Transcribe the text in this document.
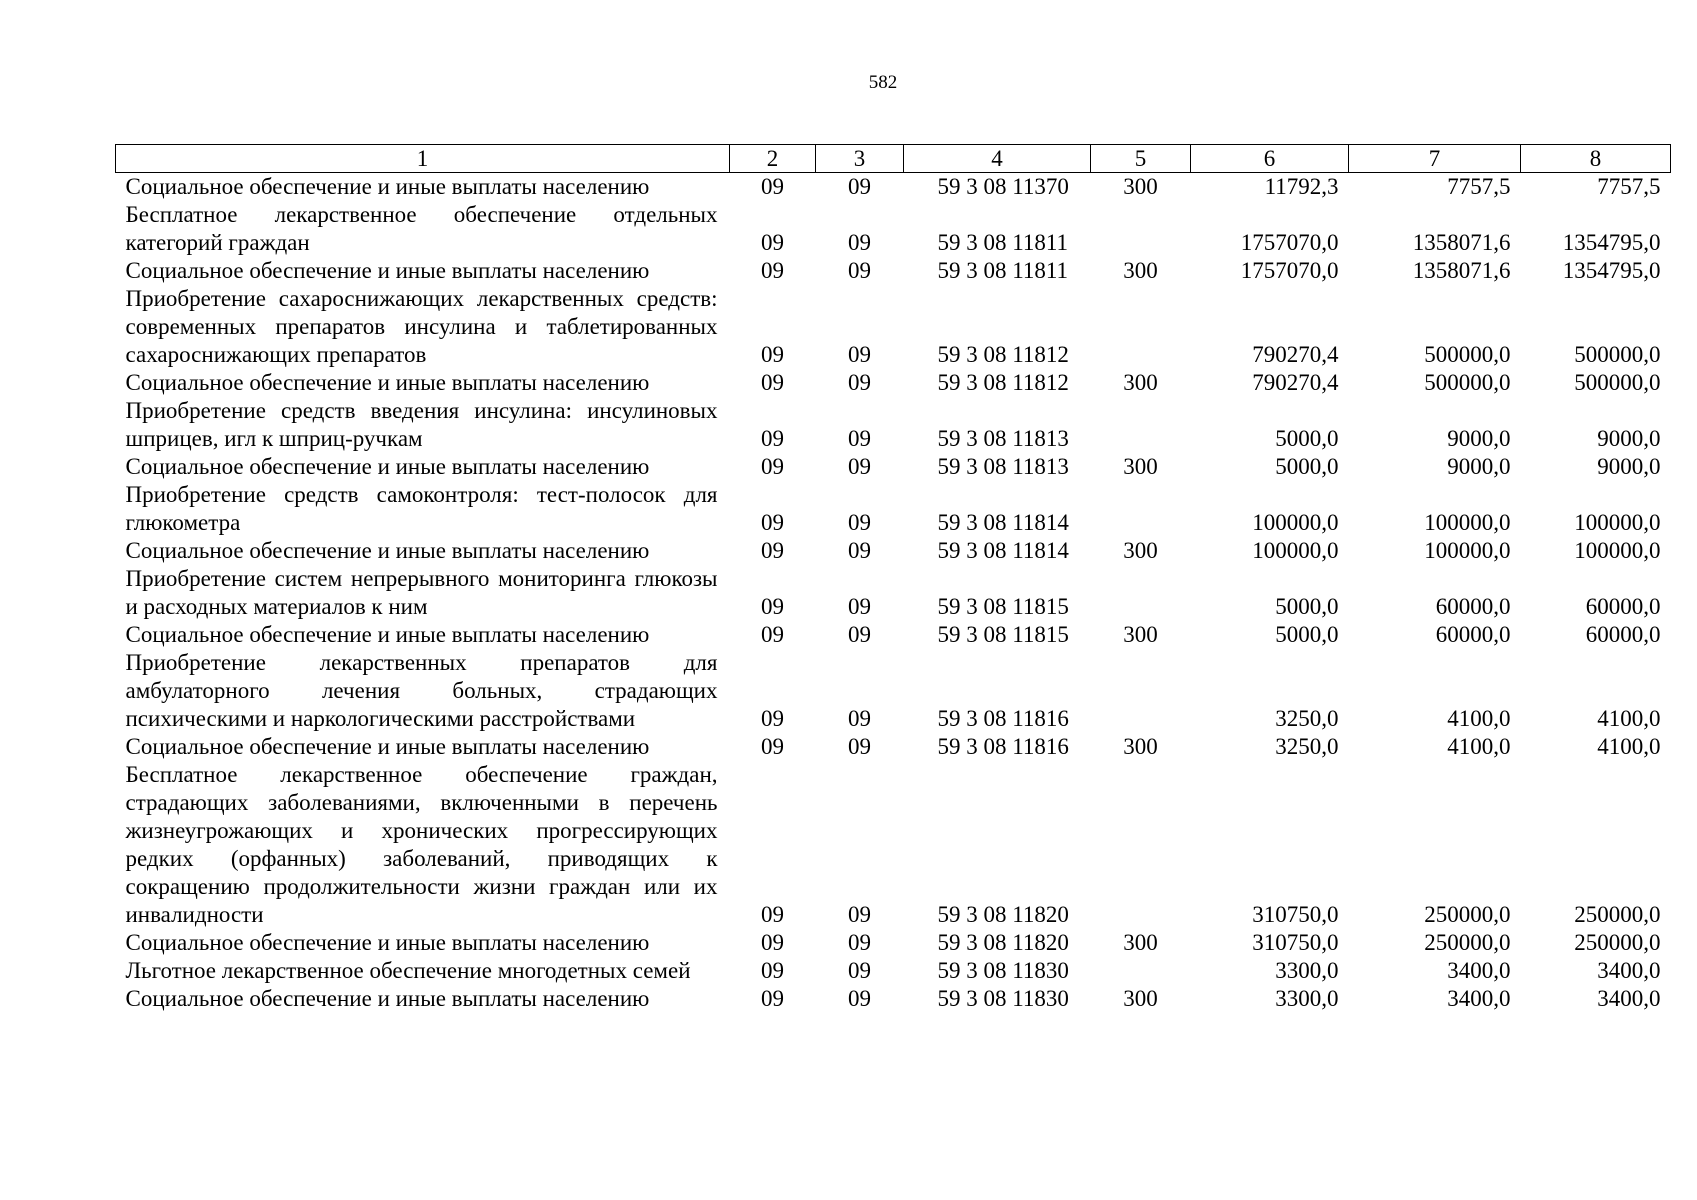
582
1	2	3	4	5	6	7	8
Социальное обеспечение и иные выплаты населению	09	09	59 3 08 11370	300	11792,3	7757,5	7757,5
Бесплатное лекарственное обеспечение отдельных категорий граждан	09	09	59 3 08 11811		1757070,0	1358071,6	1354795,0
Социальное обеспечение и иные выплаты населению	09	09	59 3 08 11811	300	1757070,0	1358071,6	1354795,0
Приобретение сахароснижающих лекарственных средств: современных препаратов инсулина и таблетированных сахароснижающих препаратов	09	09	59 3 08 11812		790270,4	500000,0	500000,0
Социальное обеспечение и иные выплаты населению	09	09	59 3 08 11812	300	790270,4	500000,0	500000,0
Приобретение средств введения инсулина: инсулиновых шприцев, игл к шприц-ручкам	09	09	59 3 08 11813		5000,0	9000,0	9000,0
Социальное обеспечение и иные выплаты населению	09	09	59 3 08 11813	300	5000,0	9000,0	9000,0
Приобретение средств самоконтроля: тест-полосок для глюкометра	09	09	59 3 08 11814		100000,0	100000,0	100000,0
Социальное обеспечение и иные выплаты населению	09	09	59 3 08 11814	300	100000,0	100000,0	100000,0
Приобретение систем непрерывного мониторинга глюкозы и расходных материалов к ним	09	09	59 3 08 11815		5000,0	60000,0	60000,0
Социальное обеспечение и иные выплаты населению	09	09	59 3 08 11815	300	5000,0	60000,0	60000,0
Приобретение лекарственных препаратов для амбулаторного лечения больных, страдающих психическими и наркологическими расстройствами	09	09	59 3 08 11816		3250,0	4100,0	4100,0
Социальное обеспечение и иные выплаты населению	09	09	59 3 08 11816	300	3250,0	4100,0	4100,0
Бесплатное лекарственное обеспечение граждан, страдающих заболеваниями, включенными в перечень жизнеугрожающих и хронических прогрессирующих редких (орфанных) заболеваний, приводящих к сокращению продолжительности жизни граждан или их инвалидности	09	09	59 3 08 11820		310750,0	250000,0	250000,0
Социальное обеспечение и иные выплаты населению	09	09	59 3 08 11820	300	310750,0	250000,0	250000,0
Льготное лекарственное обеспечение многодетных семей	09	09	59 3 08 11830		3300,0	3400,0	3400,0
Социальное обеспечение и иные выплаты населению	09	09	59 3 08 11830	300	3300,0	3400,0	3400,0
